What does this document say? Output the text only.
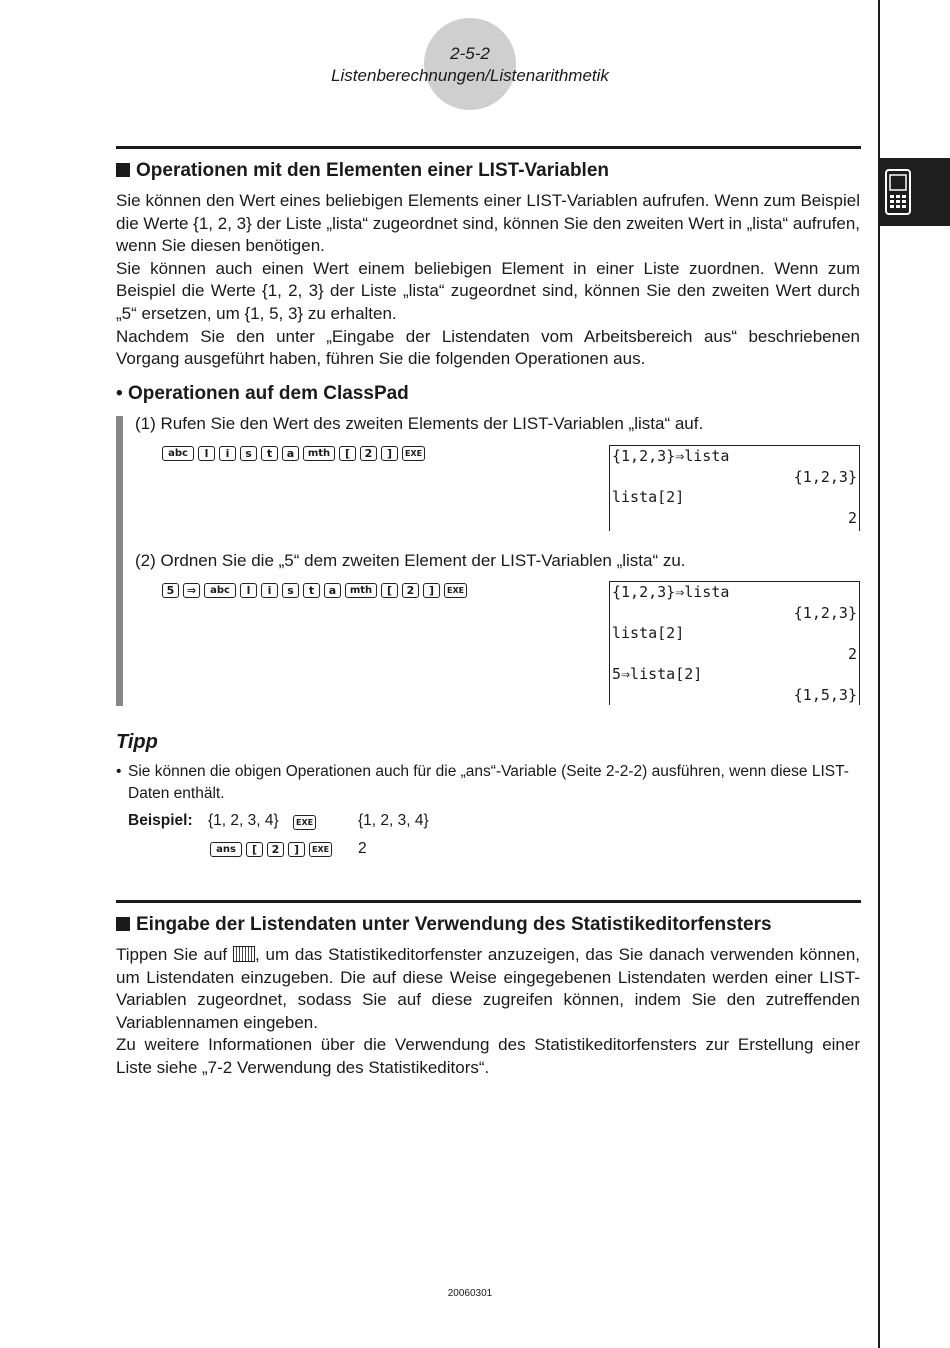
2-5-2
Listenberechnungen/Listenarithmetik
Operationen mit den Elementen einer LIST-Variablen

Sie können den Wert eines beliebigen Elements einer LIST-Variablen aufrufen. Wenn zum Beispiel die Werte {1, 2, 3} der Liste „lista“ zugeordnet sind, können Sie den zweiten Wert in „lista“ aufrufen, wenn Sie diesen benötigen.

Sie können auch einen Wert einem beliebigen Element in einer Liste zuordnen. Wenn zum Beispiel die Werte {1, 2, 3} der Liste „lista“ zugeordnet sind, können Sie den zweiten Wert durch „5“ ersetzen, um {1, 5, 3} zu erhalten.

Nachdem Sie den unter „Eingabe der Listendaten vom Arbeitsbereich aus“ beschriebenen Vorgang ausgeführt haben, führen Sie die folgenden Operationen aus.

• Operationen auf dem ClassPad
(1) Rufen Sie den Wert des zweiten Elements der LIST-Variablen „lista“ auf.
abc	l	i	s	t	a	mth	[	2	]	EXE	{1,2,3}⇒lista
{1,2,3}
lista[2]
2
(2) Ordnen Sie die „5“ dem zweiten Element der LIST-Variablen „lista“ zu.
5	⇒	abc	l	i	s	t	a	mth	[	2	]	EXE	{1,2,3}⇒lista
{1,2,3}
lista[2]
2
5⇒lista[2]
{1,5,3}
Tipp
• Sie können die obigen Operationen auch für die „ans“-Variable (Seite 2-2-2) ausführen, wenn diese LIST-Daten enthält.
Beispiel: {1, 2, 3, 4}	EXE	{1, 2, 3, 4}
ans	[	2	]	EXE 2
Eingabe der Listendaten unter Verwendung des Statistikeditorfensters

Tippen Sie auf , um das Statistikeditorfenster anzuzeigen, das Sie danach verwenden können, um Listendaten einzugeben. Die auf diese Weise eingegebenen Listendaten werden einer LIST-Variablen zugeordnet, sodass Sie auf diese zugreifen können, indem Sie den zutreffenden Variablennamen eingeben.

Zu weitere Informationen über die Verwendung des Statistikeditorfensters zur Erstellung einer Liste siehe „7-2 Verwendung des Statistikeditors“.

20060301
